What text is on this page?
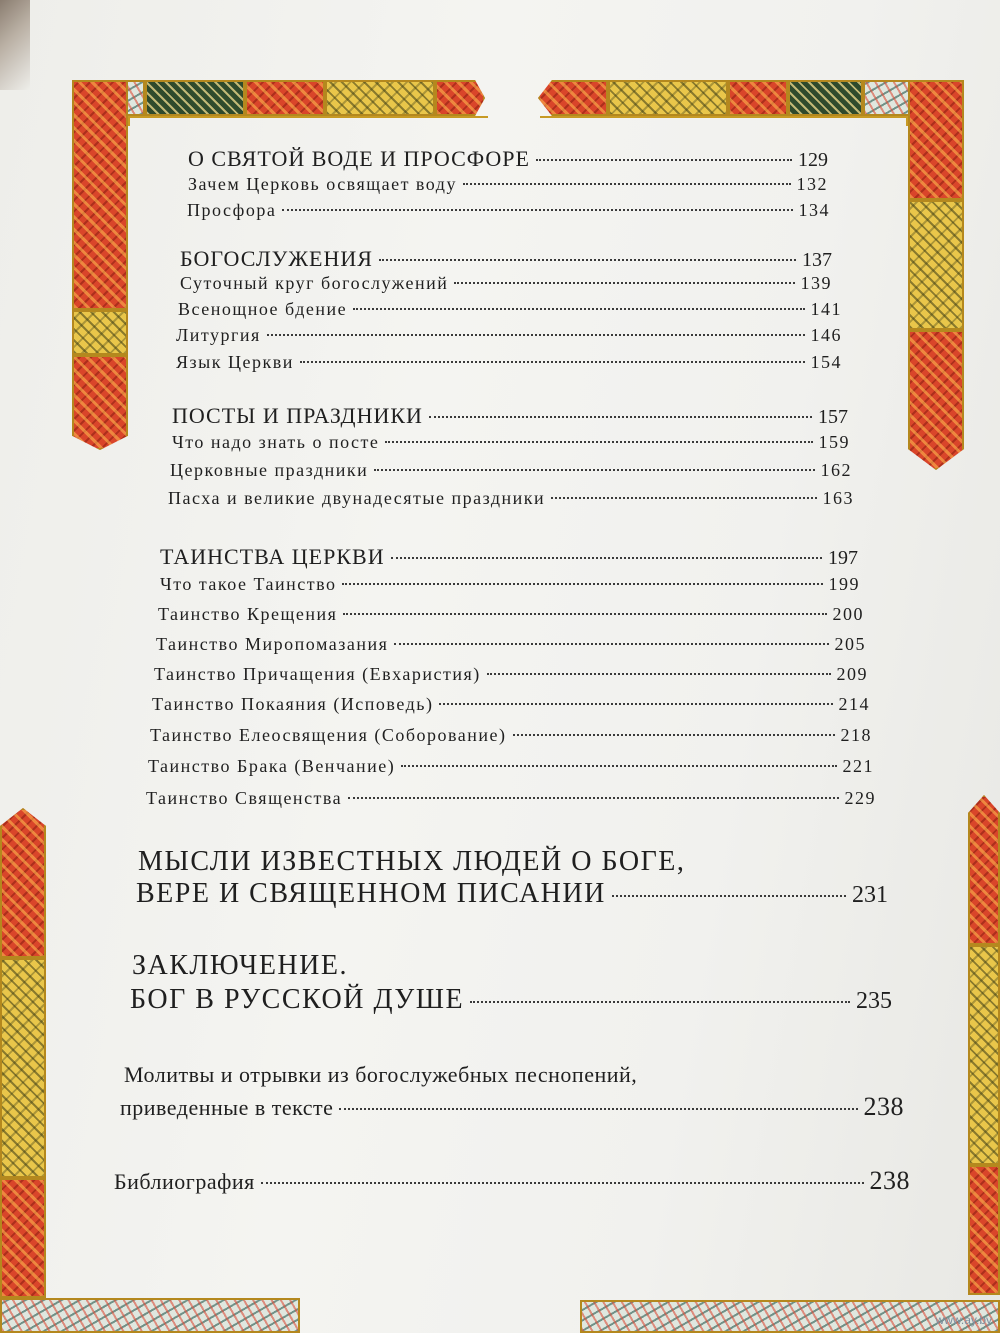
О СВЯТОЙ ВОДЕ И ПРОСФОРЕ	129
Зачем Церковь освящает воду	132
Просфора	134
БОГОСЛУЖЕНИЯ	137
Суточный круг богослужений	139
Всенощное бдение	141
Литургия	146
Язык Церкви	154
ПОСТЫ И ПРАЗДНИКИ	157
Что надо знать о посте	159
Церковные праздники	162
Пасха и великие двунадесятые праздники	163
ТАИНСТВА ЦЕРКВИ	197
Что такое Таинство	199
Таинство Крещения	200
Таинство Миропомазания	205
Таинство Причащения (Евхаристия)	209
Таинство Покаяния (Исповедь)	214
Таинство Елеосвящения (Соборование)	218
Таинство Брака (Венчание)	221
Таинство Священства	229
МЫСЛИ ИЗВЕСТНЫХ ЛЮДЕЙ О БОГЕ,
ВЕРЕ И СВЯЩЕННОМ ПИСАНИИ	231
ЗАКЛЮЧЕНИЕ.
БОГ В РУССКОЙ ДУШЕ	235
Молитвы и отрывки из богослужебных песнопений,
приведенные в тексте	238
Библиография	238
www.ay.by
